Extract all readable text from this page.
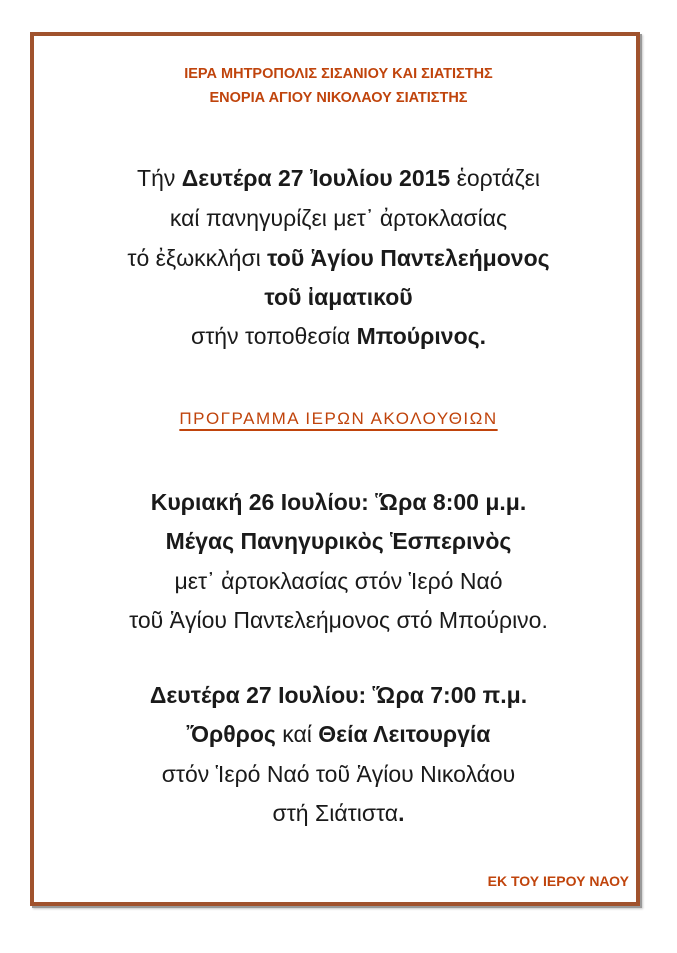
ΙΕΡΑ ΜΗΤΡΟΠΟΛΙΣ ΣΙΣΑΝΙΟΥ ΚΑΙ ΣΙΑΤΙΣΤΗΣ
ΕΝΟΡΙΑ ΑΓΙΟΥ ΝΙΚΟΛΑΟΥ ΣΙΑΤΙΣΤΗΣ
Τήν Δευτέρα 27 Ἰουλίου 2015 ἑορτάζει
καί πανηγυρίζει μετ᾽ ἀρτοκλασίας
τό ἐξωκκλήσι τοῦ Ἁγίου Παντελεήμονος
τοῦ ἰαματικοῦ
στήν τοποθεσία Μπούρινος.
ΠΡΟΓΡΑΜΜΑ ΙΕΡΩΝ ΑΚΟΛΟΥΘΙΩΝ
Κυριακή 26 Ιουλίου: Ὥρα 8:00 μ.μ.
Μέγας Πανηγυρικὸς Ἑσπερινὸς
μετ᾽ ἀρτοκλασίας στόν Ἱερό Ναό
τοῦ Ἁγίου Παντελεήμονος στό Μπούρινο.
Δευτέρα 27 Ιουλίου: Ὥρα 7:00 π.μ.
Ὄρθρος καί Θεία Λειτουργία
στόν Ἱερό Ναό τοῦ Ἁγίου Νικολάου
στή Σιάτιστα.
ΕΚ ΤΟΥ ΙΕΡΟΥ ΝΑΟΥ
